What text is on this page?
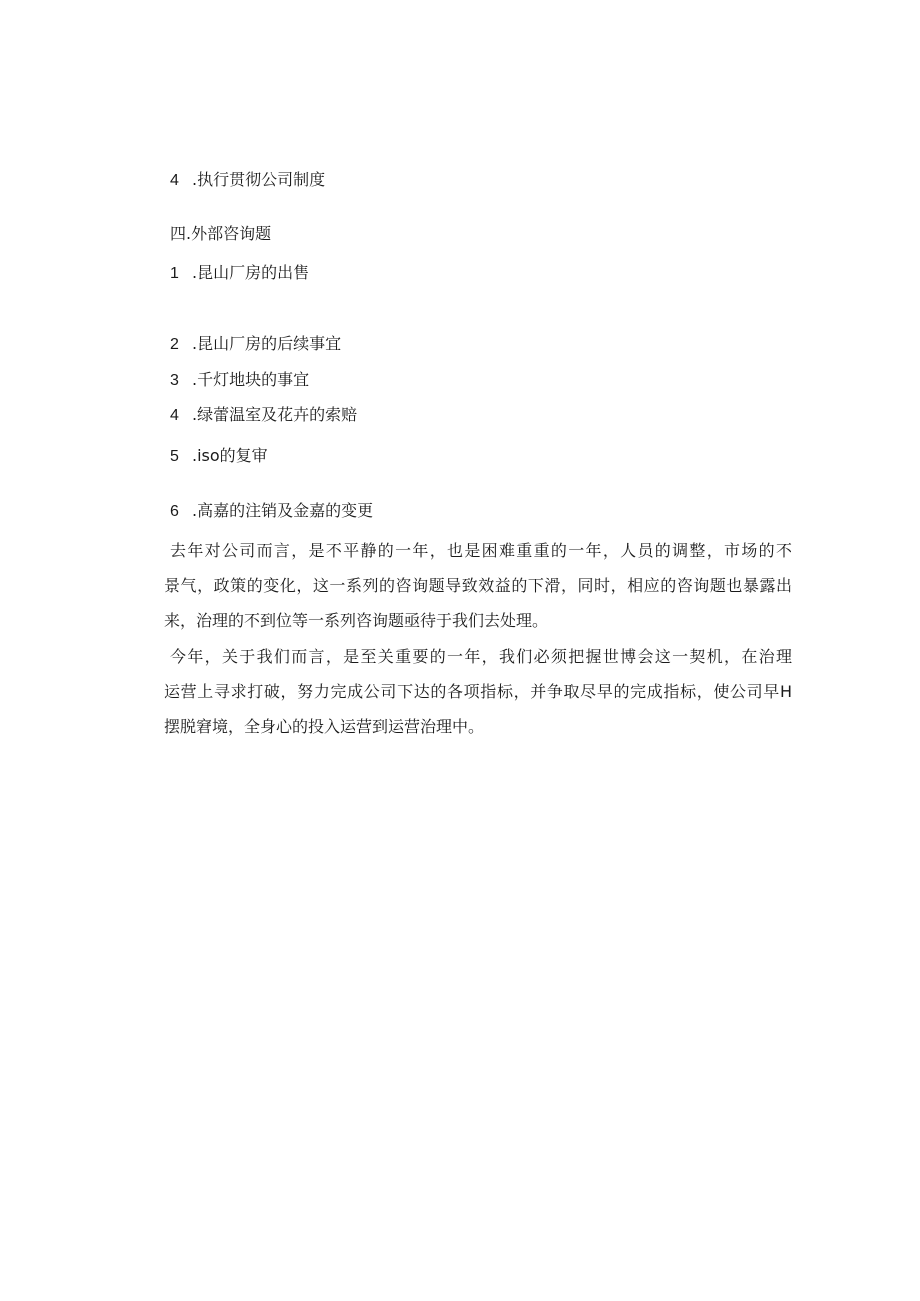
4 .执行贯彻公司制度
四.外部咨询题
1 .昆山厂房的出售
2 .昆山厂房的后续事宜
3 .千灯地块的事宜
4 .绿蕾温室及花卉的索赔
5 .iso的复审
6 .高嘉的注销及金嘉的变更
去年对公司而言，是不平静的一年，也是困难重重的一年，人员的调整，市场的不
景气，政策的变化，这一系列的咨询题导致效益的下滑，同时，相应的咨询题也暴露出
来，治理的不到位等一系列咨询题亟待于我们去处理。
今年，关于我们而言，是至关重要的一年，我们必须把握世博会这一契机，在治理
运营上寻求打破，努力完成公司下达的各项指标，并争取尽早的完成指标，使公司早H
摆脱窘境，全身心的投入运营到运营治理中。
